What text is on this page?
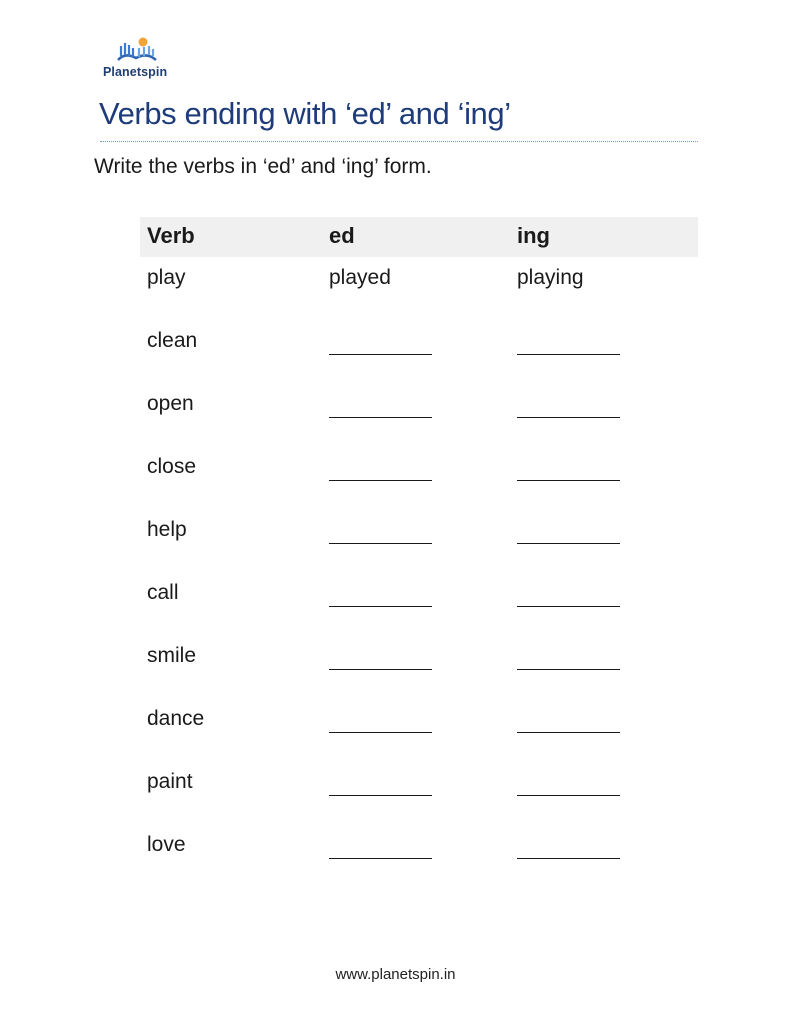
Planetspin
Verbs ending with ‘ed’ and ‘ing’
Write the verbs in ‘ed’ and ‘ing’ form.
Verb	ed	ing
play	played	playing
clean
open
close
help
call
smile
dance
paint
love
www.planetspin.in
